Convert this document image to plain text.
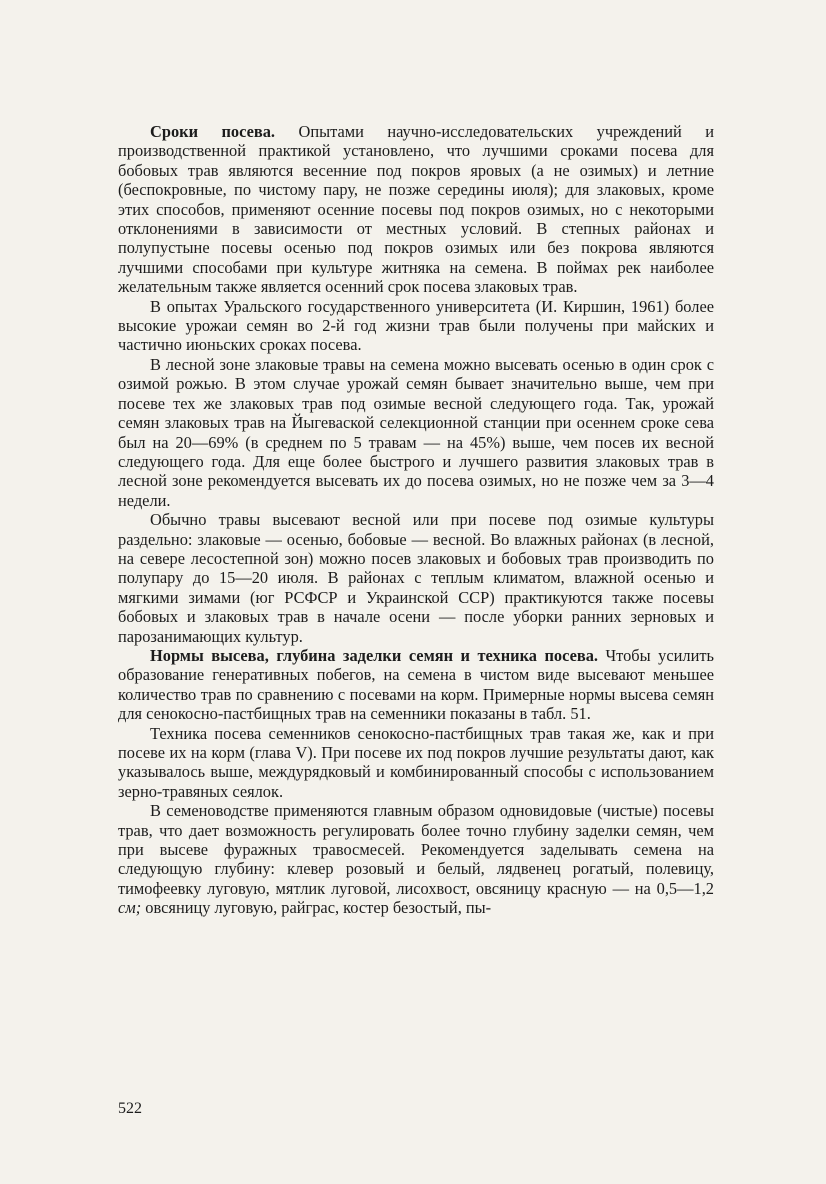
Сроки посева. Опытами научно-исследовательских учреждений и производственной практикой установлено, что лучшими сроками посева для бобовых трав являются весенние под покров яровых (а не озимых) и летние (беспокровные, по чистому пару, не позже середины июля); для злаковых, кроме этих способов, применяют осенние посевы под покров озимых, но с некоторыми отклонениями в зависимости от местных условий. В степных районах и полупустыне посевы осенью под покров озимых или без покрова являются лучшими способами при культуре житняка на семена. В поймах рек наиболее желательным также является осенний срок посева злаковых трав.

В опытах Уральского государственного университета (И. Киршин, 1961) более высокие урожаи семян во 2-й год жизни трав были получены при майских и частично июньских сроках посева.

В лесной зоне злаковые травы на семена можно высевать осенью в один срок с озимой рожью. В этом случае урожай семян бывает значительно выше, чем при посеве тех же злаковых трав под озимые весной следующего года. Так, урожай семян злаковых трав на Йыгеваской селекционной станции при осеннем сроке сева был на 20—69% (в среднем по 5 травам — на 45%) выше, чем посев их весной следующего года. Для еще более быстрого и лучшего развития злаковых трав в лесной зоне рекомендуется высевать их до посева озимых, но не позже чем за 3—4 недели.

Обычно травы высевают весной или при посеве под озимые культуры раздельно: злаковые — осенью, бобовые — весной. Во влажных районах (в лесной, на севере лесостепной зон) можно посев злаковых и бобовых трав производить по полупару до 15—20 июля. В районах с теплым климатом, влажной осенью и мягкими зимами (юг РСФСР и Украинской ССР) практикуются также посевы бобовых и злаковых трав в начале осени — после уборки ранних зерновых и парозанимающих культур.

Нормы высева, глубина заделки семян и техника посева. Чтобы усилить образование генеративных побегов, на семена в чистом виде высевают меньшее количество трав по сравнению с посевами на корм. Примерные нормы высева семян для сенокосно-пастбищных трав на семенники показаны в табл. 51.

Техника посева семенников сенокосно-пастбищных трав такая же, как и при посеве их на корм (глава V). При посеве их под покров лучшие результаты дают, как указывалось выше, междурядковый и комбинированный способы с использованием зерно-травяных сеялок.

В семеноводстве применяются главным образом одновидовые (чистые) посевы трав, что дает возможность регулировать более точно глубину заделки семян, чем при высеве фуражных травосмесей. Рекомендуется заделывать семена на следующую глубину: клевер розовый и белый, лядвенец рогатый, полевицу, тимофеевку луговую, мятлик луговой, лисохвост, овсяницу красную — на 0,5—1,2 см; овсяницу луговую, райграс, костер безостый, пы-

522
